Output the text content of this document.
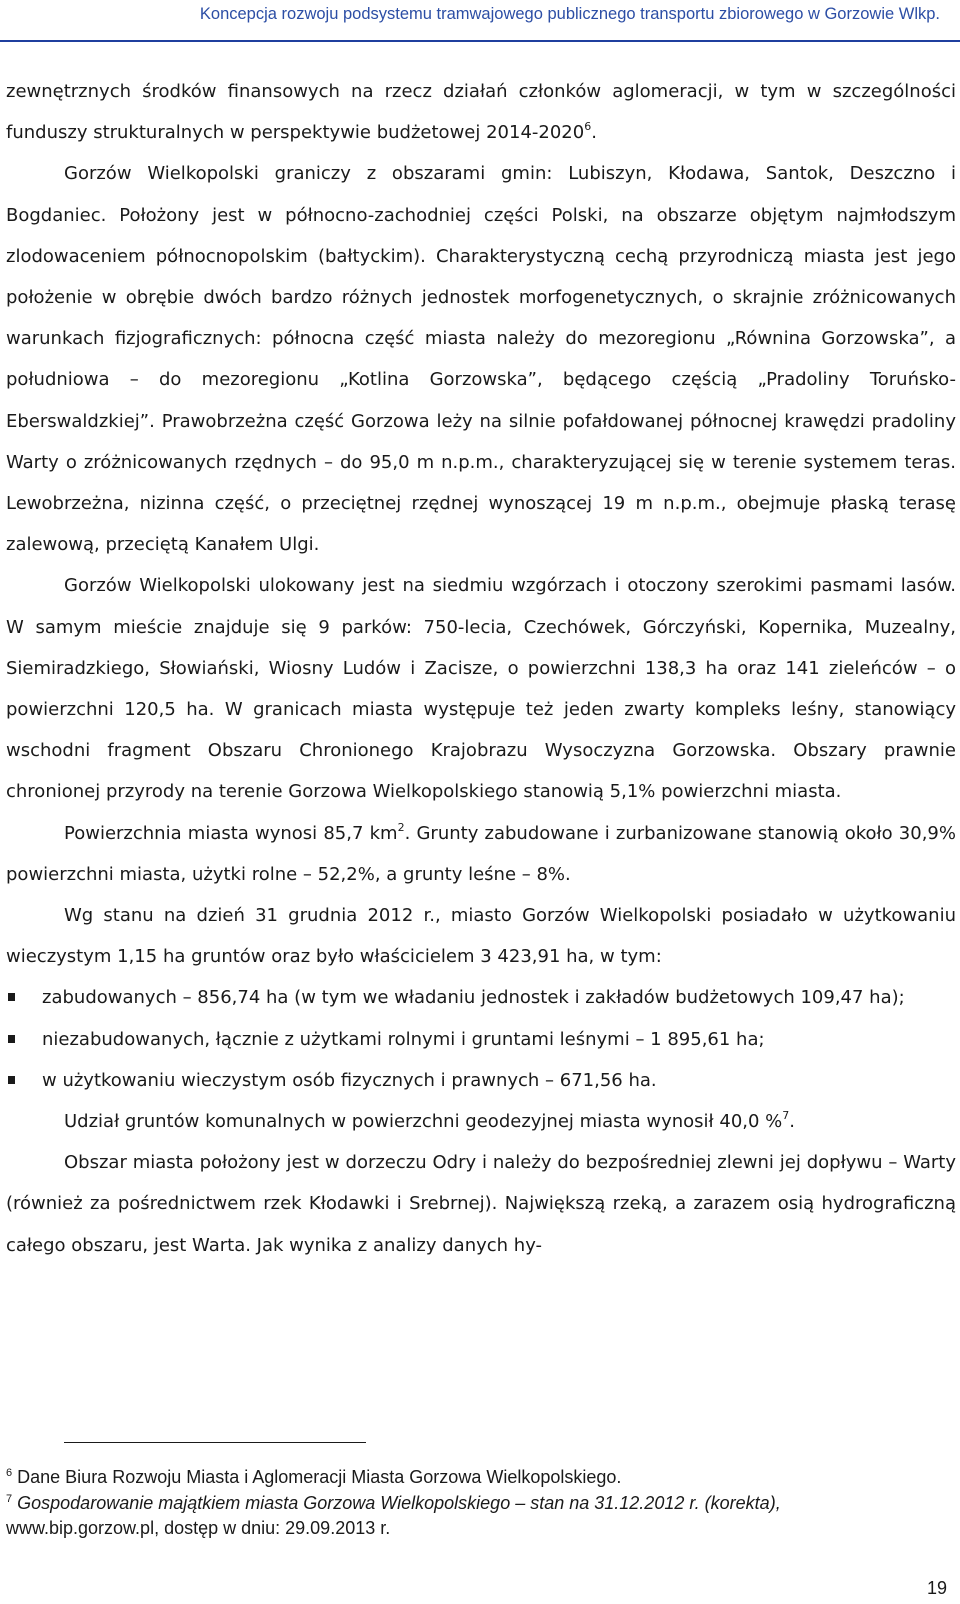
Koncepcja rozwoju podsystemu tramwajowego publicznego transportu zbiorowego w Gorzowie Wlkp.

zewnętrznych środków finansowych na rzecz działań członków aglomeracji, w tym w szczególności funduszy strukturalnych w perspektywie budżetowej 2014-2020$^6$.

Gorzów Wielkopolski graniczy z obszarami gmin: Lubiszyn, Kłodawa, Santok, Deszczno i Bogdaniec. Położony jest w północno-zachodniej części Polski, na obszarze objętym najmłodszym zlodowaceniem północnopolskim (bałtyckim). Charakterystyczną cechą przyrodniczą miasta jest jego położenie w obrębie dwóch bardzo różnych jednostek morfogenetycznych, o skrajnie zróżnicowanych warunkach fizjograficznych: północna część miasta należy do mezoregionu „Równina Gorzowska”, a południowa – do mezoregionu „Kotlina Gorzowska”, będącego częścią „Pradoliny Toruńsko-Eberswaldzkiej”. Prawobrzeżna część Gorzowa leży na silnie pofałdowanej północnej krawędzi pradoliny Warty o zróżnicowanych rzędnych – do 95,0 m n.p.m., charakteryzującej się w terenie systemem teras. Lewobrzeżna, nizinna część, o przeciętnej rzędnej wynoszącej 19 m n.p.m., obejmuje płaską terasę zalewową, przeciętą Kanałem Ulgi.

Gorzów Wielkopolski ulokowany jest na siedmiu wzgórzach i otoczony szerokimi pasmami lasów. W samym mieście znajduje się 9 parków: 750-lecia, Czechówek, Górczyński, Kopernika, Muzealny, Siemiradzkiego, Słowiański, Wiosny Ludów i Zacisze, o powierzchni 138,3 ha oraz 141 zieleńców – o powierzchni 120,5 ha. W granicach miasta występuje też jeden zwarty kompleks leśny, stanowiący wschodni fragment Obszaru Chronionego Krajobrazu Wysoczyzna Gorzowska. Obszary prawnie chronionej przyrody na terenie Gorzowa Wielkopolskiego stanowią 5,1% powierzchni miasta.

Powierzchnia miasta wynosi 85,7 $km^2$. Grunty zabudowane i zurbanizowane stanowią około 30,9% powierzchni miasta, użytki rolne – 52,2%, a grunty leśne – 8%.

Wg stanu na dzień 31 grudnia 2012 r., miasto Gorzów Wielkopolski posiadało w użytkowaniu wieczystym 1,15 ha gruntów oraz było właścicielem 3 423,91 ha, w tym:

zabudowanych – 856,74 ha (w tym we władaniu jednostek i zakładów budżetowych 109,47 ha);
niezabudowanych, łącznie z użytkami rolnymi i gruntami leśnymi – 1 895,61 ha;
w użytkowaniu wieczystym osób fizycznych i prawnych – 671,56 ha.

Udział gruntów komunalnych w powierzchni geodezyjnej miasta wynosił 40,0 %$^7$.

Obszar miasta położony jest w dorzeczu Odry i należy do bezpośredniej zlewni jej dopływu – Warty (również za pośrednictwem rzek Kłodawki i Srebrnej). Największą rzeką, a zarazem osią hydrograficzną całego obszaru, jest Warta. Jak wynika z analizy danych hy-

$^6$ Dane Biura Rozwoju Miasta i Aglomeracji Miasta Gorzowa Wielkopolskiego.

$^7$ Gospodarowanie majątkiem miasta Gorzowa Wielkopolskiego – stan na 31.12.2012 r. (korekta),
www.bip.gorzow.pl, dostęp w dniu: 29.09.2013 r.

19
